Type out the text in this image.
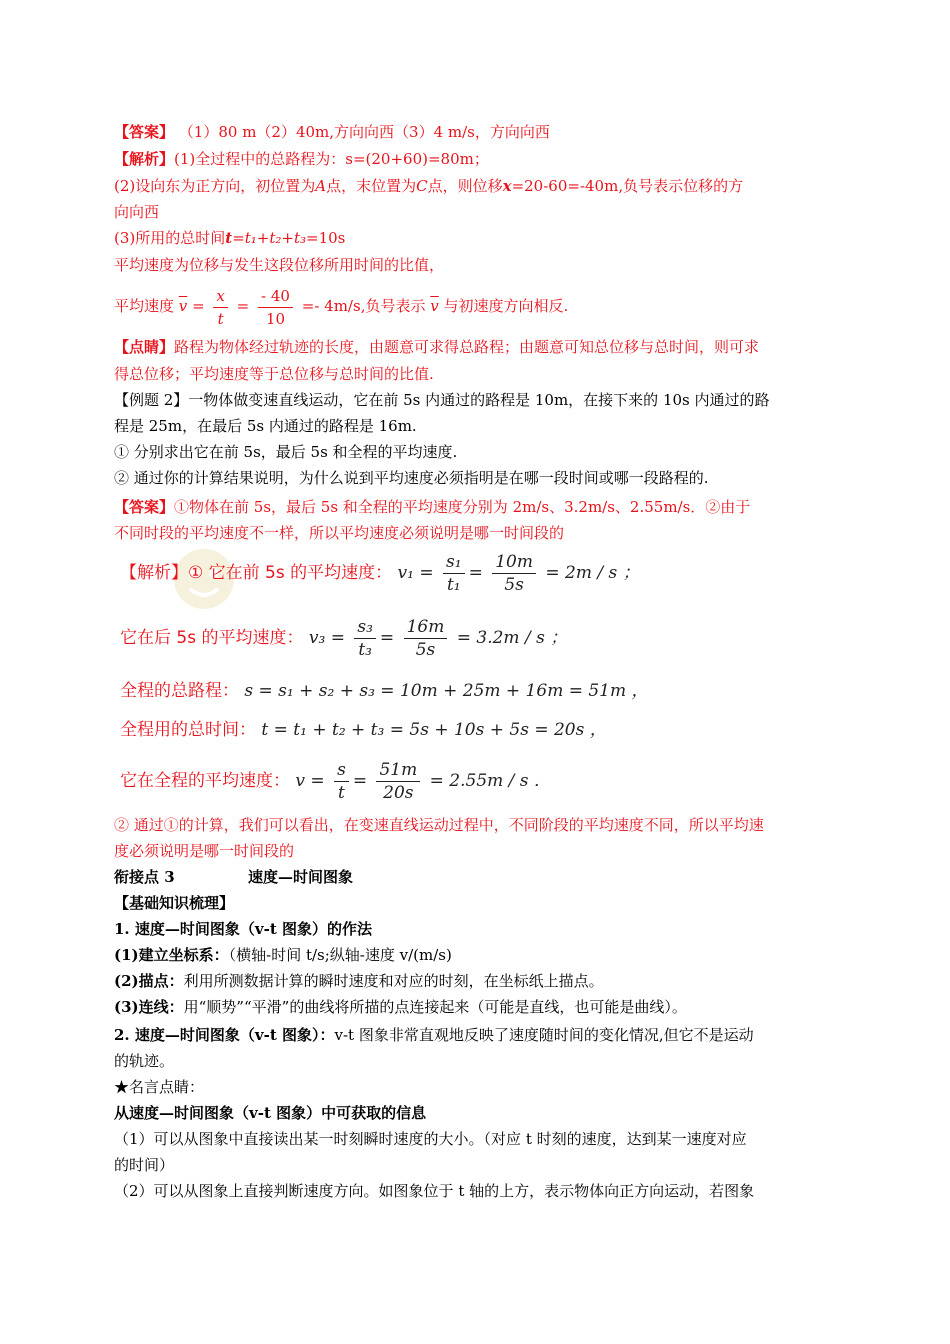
【答案】 （1）80 m（2）40m,方向向西（3）4 m/s，方向向西
【解析】(1)全过程中的总路程为：s=(20+60)=80m；
(2)设向东为正方向，初位置为A点，末位置为C点，则位移x=20-60=-40m,负号表示位移的方
向向西
(3)所用的总时间t=t₁+t₂+t₃=10s
平均速度为位移与发生这段位移所用时间的比值，
平均速度 $\overline{v} = \frac{x}{t} = \frac{- 40}{10} =- 4m/s$,负号表示 $\overline{v}$ 与初速度方向相反.
【点睛】路程为物体经过轨迹的长度，由题意可求得总路程；由题意可知总位移与总时间，则可求
得总位移；平均速度等于总位移与总时间的比值.
【例题 2】一物体做变速直线运动，它在前 5s 内通过的路程是 10m，在接下来的 10s 内通过的路
程是 25m，在最后 5s 内通过的路程是 16m.
① 分别求出它在前 5s，最后 5s 和全程的平均速度.
② 通过你的计算结果说明，为什么说到平均速度必须指明是在哪一段时间或哪一段路程的.
【答案】①物体在前 5s，最后 5s 和全程的平均速度分别为 2m/s、3.2m/s、2.55m/s．②由于
不同时段的平均速度不一样，所以平均速度必须说明是哪一时间段的
【解析】① 它在前 5s 的平均速度： $v_1 = \frac{\text{s₁}}{\text{t₁}} = \frac{10m}{5s} = 2m / s$ ；
它在后 5s 的平均速度： $v_3 = \frac{\text{s₃}}{\text{t₃}} = \frac{16m}{5s} = 3.2m / s$ ；
全程的总路程： s = s₁ + s₂ + s₃ = 10m + 25m + 16m = 51m ，
全程用的总时间： t = t₁ + t₂ + t₃ = 5s + 10s + 5s = 20s ，
它在全程的平均速度： $v = \frac{s}{t} = \frac{51m}{20s} = 2.55m / s$ ．
② 通过①的计算，我们可以看出，在变速直线运动过程中，不同阶段的平均速度不同，所以平均速
度必须说明是哪一时间段的
衔接点 3	速度—时间图象
【基础知识梳理】
1. 速度—时间图象（v-t 图象）的作法
(1)建立坐标系：（横轴-时间 t/s;纵轴-速度 v/(m/s)
(2)描点：利用所测数据计算的瞬时速度和对应的时刻，在坐标纸上描点。
(3)连线：用“顺势”“平滑”的曲线将所描的点连接起来（可能是直线，也可能是曲线）。
2. 速度—时间图象（v-t 图象）：v-t 图象非常直观地反映了速度随时间的变化情况,但它不是运动
的轨迹。
★名言点睛：
从速度—时间图象（v-t 图象）中可获取的信息
（1）可以从图象中直接读出某一时刻瞬时速度的大小。（对应 t 时刻的速度，达到某一速度对应
的时间）
（2）可以从图象上直接判断速度方向。如图象位于 t 轴的上方，表示物体向正方向运动，若图象
